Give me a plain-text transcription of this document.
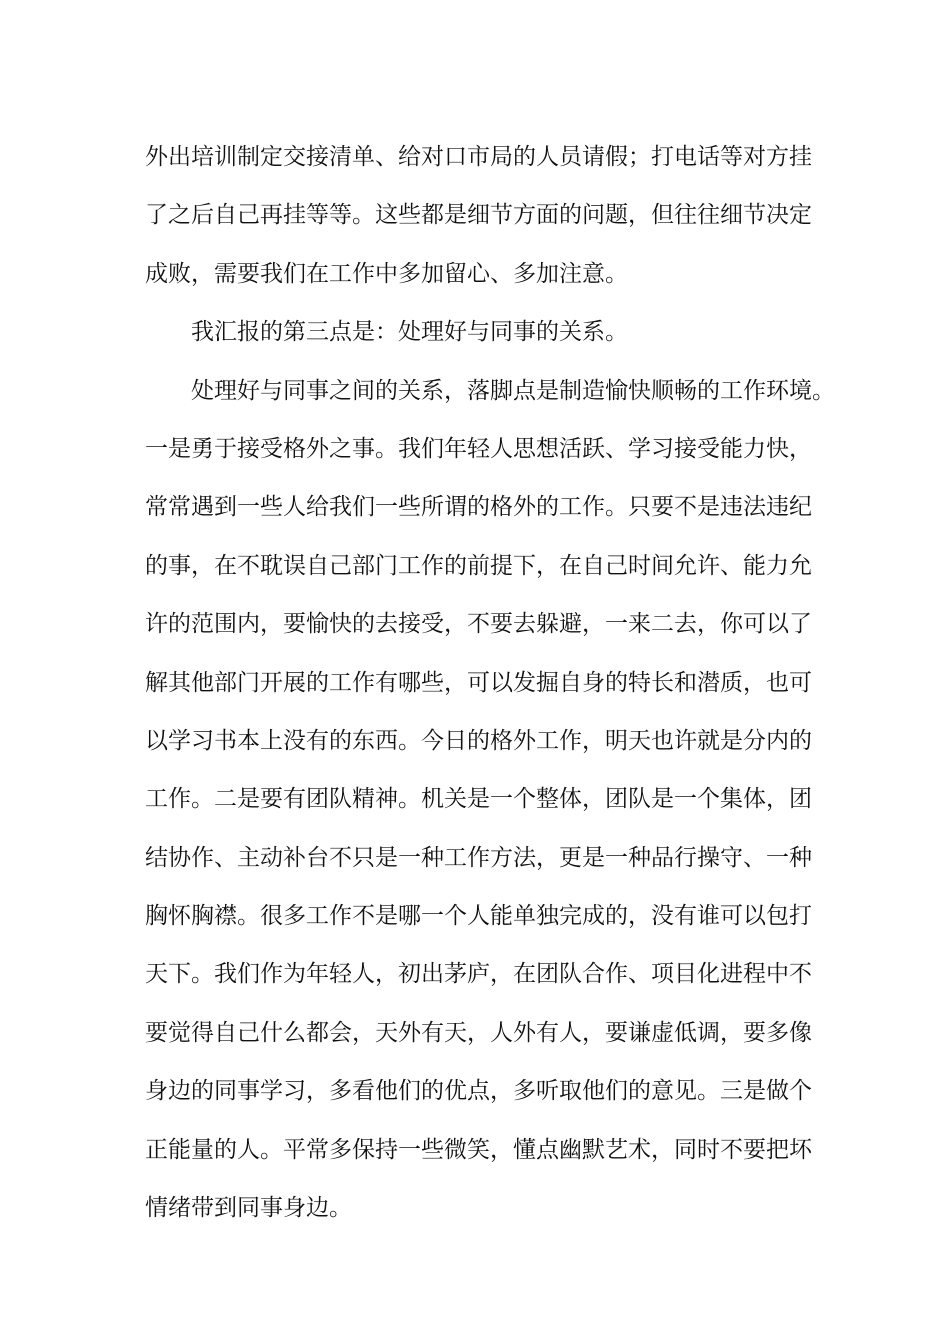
外出培训制定交接清单、给对口市局的人员请假；打电话等对方挂
了之后自己再挂等等。这些都是细节方面的问题，但往往细节决定
成败，需要我们在工作中多加留心、多加注意。
我汇报的第三点是：处理好与同事的关系。
处理好与同事之间的关系，落脚点是制造愉快顺畅的工作环境。
一是勇于接受格外之事。我们年轻人思想活跃、学习接受能力快，
常常遇到一些人给我们一些所谓的格外的工作。只要不是违法违纪
的事，在不耽误自己部门工作的前提下，在自己时间允许、能力允
许的范围内，要愉快的去接受，不要去躲避，一来二去，你可以了
解其他部门开展的工作有哪些，可以发掘自身的特长和潜质，也可
以学习书本上没有的东西。今日的格外工作，明天也许就是分内的
工作。二是要有团队精神。机关是一个整体，团队是一个集体，团
结协作、主动补台不只是一种工作方法，更是一种品行操守、一种
胸怀胸襟。很多工作不是哪一个人能单独完成的，没有谁可以包打
天下。我们作为年轻人，初出茅庐，在团队合作、项目化进程中不
要觉得自己什么都会，天外有天，人外有人，要谦虚低调，要多像
身边的同事学习，多看他们的优点，多听取他们的意见。三是做个
正能量的人。平常多保持一些微笑，懂点幽默艺术，同时不要把坏
情绪带到同事身边。
